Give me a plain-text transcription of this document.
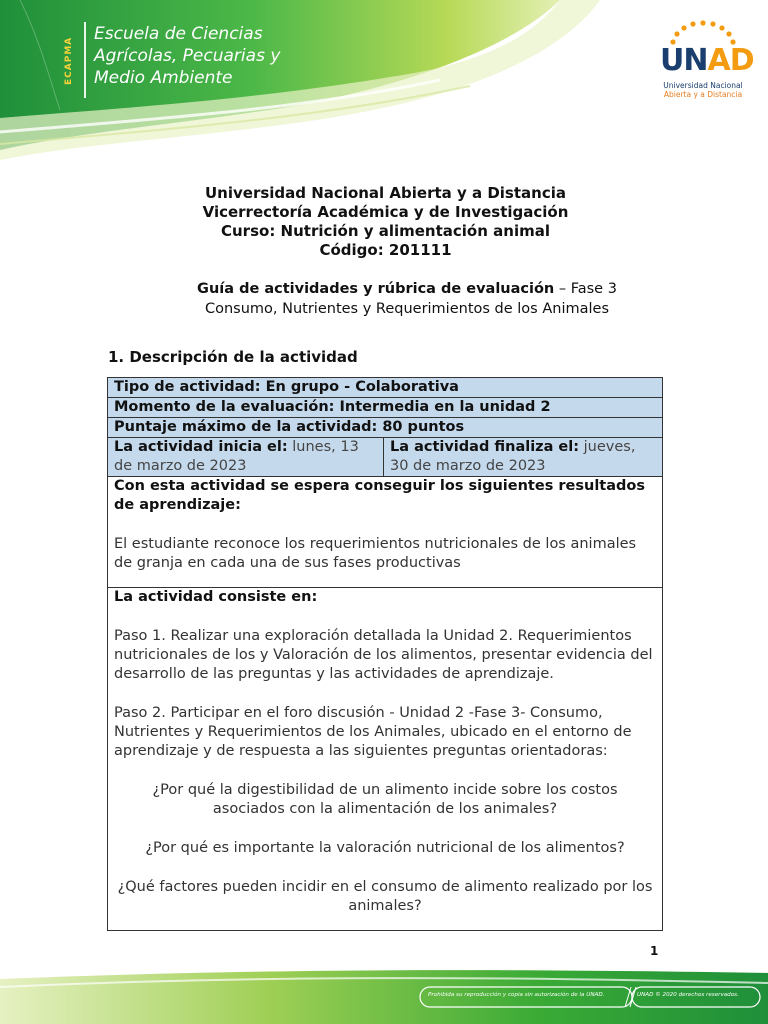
ECAPMA
Escuela de Ciencias
Agrícolas, Pecuarias y
Medio Ambiente	UNAD
Universidad Nacional
Abierta y a Distancia
Universidad Nacional Abierta y a Distancia
Vicerrectoría Académica y de Investigación
Curso: Nutrición y alimentación animal
Código: 201111
Guía de actividades y rúbrica de evaluación – Fase 3
Consumo, Nutrientes y Requerimientos de los Animales
1. Descripción de la actividad
Tipo de actividad: En grupo - Colaborativa
Momento de la evaluación: Intermedia en la unidad 2
Puntaje máximo de la actividad: 80 puntos
La actividad inicia el: lunes, 13 de marzo de 2023
La actividad finaliza el: jueves, 30 de marzo de 2023

Con esta actividad se espera conseguir los siguientes resultados de aprendizaje:

El estudiante reconoce los requerimientos nutricionales de los animales de granja en cada una de sus fases productivas

La actividad consiste en:

Paso 1. Realizar una exploración detallada la Unidad 2. Requerimientos nutricionales de los y Valoración de los alimentos, presentar evidencia del desarrollo de las preguntas y las actividades de aprendizaje.

Paso 2. Participar en el foro discusión - Unidad 2 -Fase 3- Consumo, Nutrientes y Requerimientos de los Animales, ubicado en el entorno de aprendizaje y de respuesta a las siguientes preguntas orientadoras:

¿Por qué la digestibilidad de un alimento incide sobre los costos asociados con la alimentación de los animales?

¿Por qué es importante la valoración nutricional de los alimentos?

¿Qué factores pueden incidir en el consumo de alimento realizado por los animales?

1
Prohibida su reproducción y copia sin autorización de la UNAD.	UNAD © 2020 derechos reservados.
